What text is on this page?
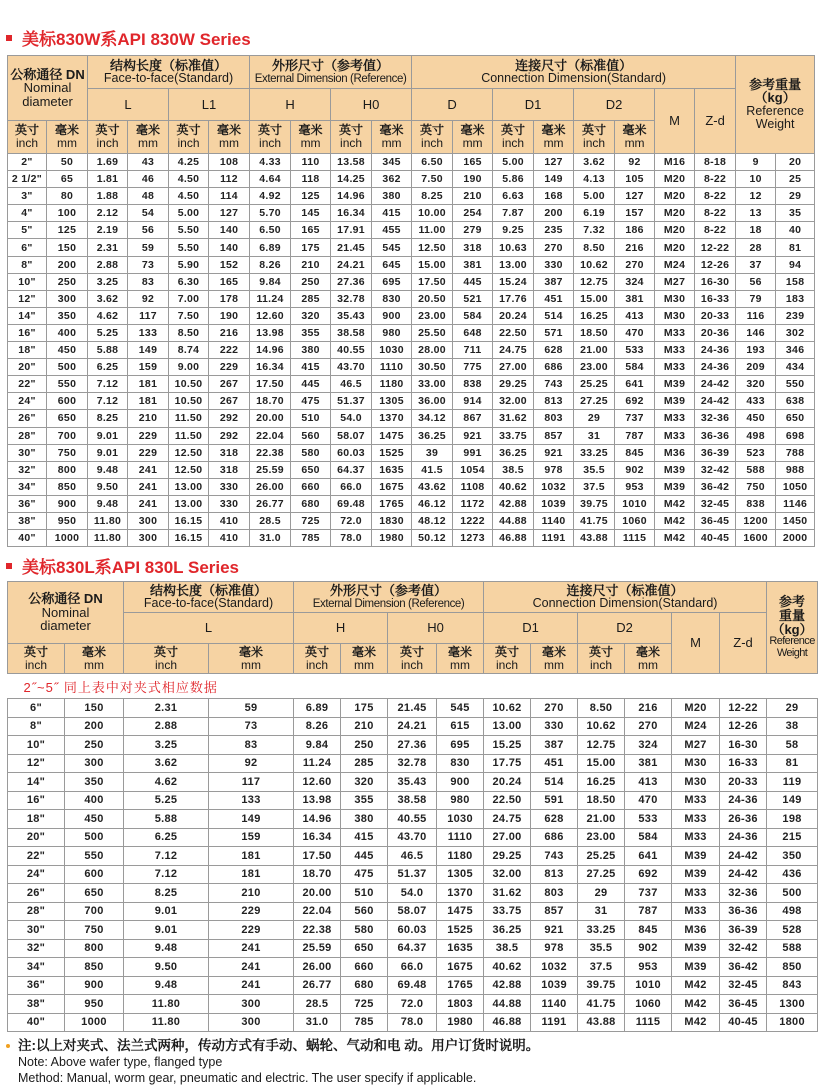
美标830W系API 830W Series
公称通径 DN
Nominal
diameter		结构长度（标准值）
Face-to-face(Standard)				外形尺寸（参考值）
External Dimension (Reference)				连接尺寸（标准值）
Connection Dimension(Standard)								参考重量
（kg）
Reference
Weight	

		L		L1		H		H0		D		D1		D2		M	Z-d		

英寸
inch	毫米
mm	英寸
inch	毫米
mm	英寸
inch	毫米
mm	英寸
inch	毫米
mm	英寸
inch	毫米
mm	英寸
inch	毫米
mm	英寸
inch	毫米
mm	英寸
inch	毫米
mm				

2"	50	1.69	43	4.25	108	4.33	110	13.58	345	6.50	165	5.00	127	3.62	92	M16	8-18	9	20
2 1/2"	65	1.81	46	4.50	112	4.64	118	14.25	362	7.50	190	5.86	149	4.13	105	M20	8-22	10	25
3"	80	1.88	48	4.50	114	4.92	125	14.96	380	8.25	210	6.63	168	5.00	127	M20	8-22	12	29
4"	100	2.12	54	5.00	127	5.70	145	16.34	415	10.00	254	7.87	200	6.19	157	M20	8-22	13	35
5"	125	2.19	56	5.50	140	6.50	165	17.91	455	11.00	279	9.25	235	7.32	186	M20	8-22	18	40
6"	150	2.31	59	5.50	140	6.89	175	21.45	545	12.50	318	10.63	270	8.50	216	M20	12-22	28	81
8"	200	2.88	73	5.90	152	8.26	210	24.21	645	15.00	381	13.00	330	10.62	270	M24	12-26	37	94
10"	250	3.25	83	6.30	165	9.84	250	27.36	695	17.50	445	15.24	387	12.75	324	M27	16-30	56	158
12"	300	3.62	92	7.00	178	11.24	285	32.78	830	20.50	521	17.76	451	15.00	381	M30	16-33	79	183
14"	350	4.62	117	7.50	190	12.60	320	35.43	900	23.00	584	20.24	514	16.25	413	M30	20-33	116	239
16"	400	5.25	133	8.50	216	13.98	355	38.58	980	25.50	648	22.50	571	18.50	470	M33	20-36	146	302
18"	450	5.88	149	8.74	222	14.96	380	40.55	1030	28.00	711	24.75	628	21.00	533	M33	24-36	193	346
20"	500	6.25	159	9.00	229	16.34	415	43.70	1110	30.50	775	27.00	686	23.00	584	M33	24-36	209	434
22"	550	7.12	181	10.50	267	17.50	445	46.5	1180	33.00	838	29.25	743	25.25	641	M39	24-42	320	550
24"	600	7.12	181	10.50	267	18.70	475	51.37	1305	36.00	914	32.00	813	27.25	692	M39	24-42	433	638
26"	650	8.25	210	11.50	292	20.00	510	54.0	1370	34.12	867	31.62	803	29	737	M33	32-36	450	650
28"	700	9.01	229	11.50	292	22.04	560	58.07	1475	36.25	921	33.75	857	31	787	M33	36-36	498	698
30"	750	9.01	229	12.50	318	22.38	580	60.03	1525	39	991	36.25	921	33.25	845	M36	36-39	523	788
32"	800	9.48	241	12.50	318	25.59	650	64.37	1635	41.5	1054	38.5	978	35.5	902	M39	32-42	588	988
34"	850	9.50	241	13.00	330	26.00	660	66.0	1675	43.62	1108	40.62	1032	37.5	953	M39	36-42	750	1050
36"	900	9.48	241	13.00	330	26.77	680	69.48	1765	46.12	1172	42.88	1039	39.75	1010	M42	32-45	838	1146
38"	950	11.80	300	16.15	410	28.5	725	72.0	1830	48.12	1222	44.88	1140	41.75	1060	M42	36-45	1200	1450
40"	1000	11.80	300	16.15	410	31.0	785	78.0	1980	50.12	1273	46.88	1191	43.88	1115	M42	40-45	1600	2000
美标830L系API 830L Series
公称通径 DN
Nominal
diameter		结构长度（标准值）
Face-to-face(Standard)		外形尺寸（参考值）
External Dimension (Reference)				连接尺寸（标准值）
Connection Dimension(Standard)						参考
重量
（kg）
Reference
Weight

		L		H		H0		D1		D2		M	Z-d	

英寸
inch	毫米
mm	英寸
inch	毫米
mm	英寸
inch	毫米
mm	英寸
inch	毫米
mm	英寸
inch	毫米
mm	英寸
inch	毫米
mm			

2˝~5˝ 同上表中对夹式相应数据														
6"	150	2.31	59	6.89	175	21.45	545	10.62	270	8.50	216	M20	12-22	29
8"	200	2.88	73	8.26	210	24.21	615	13.00	330	10.62	270	M24	12-26	38
10"	250	3.25	83	9.84	250	27.36	695	15.25	387	12.75	324	M27	16-30	58
12"	300	3.62	92	11.24	285	32.78	830	17.75	451	15.00	381	M30	16-33	81
14"	350	4.62	117	12.60	320	35.43	900	20.24	514	16.25	413	M30	20-33	119
16"	400	5.25	133	13.98	355	38.58	980	22.50	591	18.50	470	M33	24-36	149
18"	450	5.88	149	14.96	380	40.55	1030	24.75	628	21.00	533	M33	26-36	198
20"	500	6.25	159	16.34	415	43.70	1110	27.00	686	23.00	584	M33	24-36	215
22"	550	7.12	181	17.50	445	46.5	1180	29.25	743	25.25	641	M39	24-42	350
24"	600	7.12	181	18.70	475	51.37	1305	32.00	813	27.25	692	M39	24-42	436
26"	650	8.25	210	20.00	510	54.0	1370	31.62	803	29	737	M33	32-36	500
28"	700	9.01	229	22.04	560	58.07	1475	33.75	857	31	787	M33	36-36	498
30"	750	9.01	229	22.38	580	60.03	1525	36.25	921	33.25	845	M36	36-39	528
32"	800	9.48	241	25.59	650	64.37	1635	38.5	978	35.5	902	M39	32-42	588
34"	850	9.50	241	26.00	660	66.0	1675	40.62	1032	37.5	953	M39	36-42	850
36"	900	9.48	241	26.77	680	69.48	1765	42.88	1039	39.75	1010	M42	32-45	843
38"	950	11.80	300	28.5	725	72.0	1803	44.88	1140	41.75	1060	M42	36-45	1300
40"	1000	11.80	300	31.0	785	78.0	1980	46.88	1191	43.88	1115	M42	40-45	1800
注:以上对夹式、法兰式两种，传动方式有手动、蜗轮、气动和电 动。用户订货时说明。
Note: Above wafer type, flanged type
Method: Manual, worm gear, pneumatic and electric. The user specify if applicable.
